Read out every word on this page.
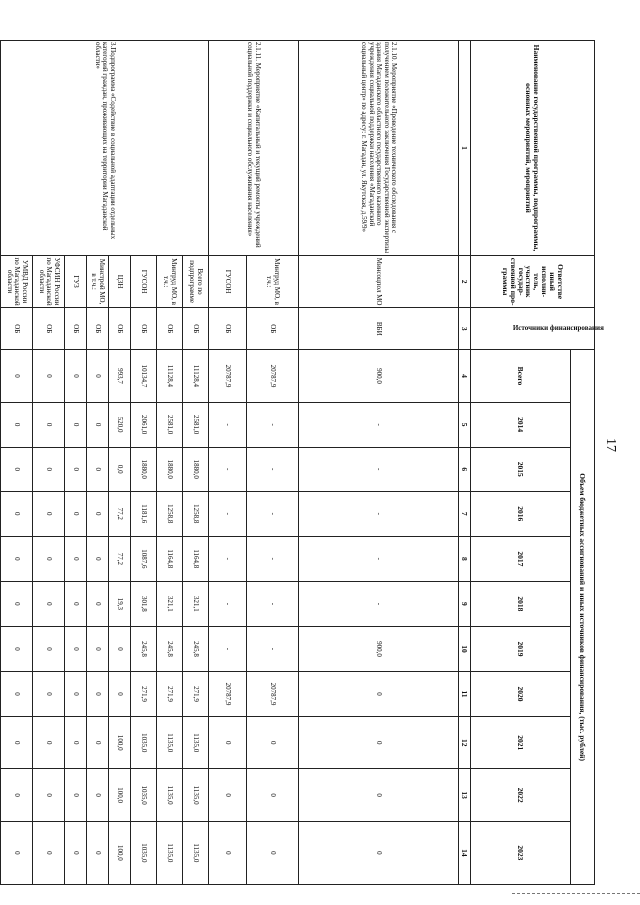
17
Наименование государственной программы, подпрограммы, основных мероприятий, мероприятий	Ответстве нный исполни- тель, участник государ- ственной про- граммы	Источники финансирования	Объем бюджетных ассигнований и иных источников финансирования, (тыс. рублей)										
			Всего	2014	2015	2016	2017	2018	2019	2020	2021	2022	2023
1	2	3	4	5	6	7	8	9	10	11	12	13	14
2.1.10. Мероприятие «Проведение технического обследования с получением положительного заключения Государственной экспертизы здания Магаданского областного государственного казенного учреждения социальной поддержки населения «Магаданский социальный центр» по адресу: г. Магадан, ул. Якутская, д.59/9»	Минсоцпол МО	ВБИ	900,0	-	-	-	-	-	900,0	0	0	0	0
2.1.11. Мероприятие «Капитальный и текущий ремонты учреждений социальной поддержки и социального обслуживания населения»	Минтруд МО, в т.ч.:	ОБ	20787,9	-	-	-	-	-	-	20787,9	0	0	0
	ГУСОН	ОБ	20787,9	-	-	-	-	-	-	20787,9	0	0	0
3.Подпрограмма «Содействие в социальной адаптации отдельных категорий граждан, проживающих на территории Магаданской области»	Всего по подпрограмме	ОБ	11128,4	2581,0	1880,0	1258,8	1164,8	321,1	245,8	271,9	1135,0	1135,0	1135,0
	Минтруд МО, в т.ч.:	ОБ	11128,4	2581,0	1880,0	1258,8	1164,8	321,1	245,8	271,9	1135,0	1135,0	1135,0
	ГУСОН	ОБ	10134,7	2061,0	1880,0	1181,6	1087,6	301,8	245,8	271,9	1035,0	1035,0	1035,0
	ЦЗН	ОБ	993,7	520,0	0,0	77,2	77,2	19,3	0	0	100,0	100,0	100,0
	Минстрой МО, в т.ч.:	ОБ	0	0	0	0	0	0	0	0	0	0	0
	ГУЗ	ОБ	0	0	0	0	0	0	0	0	0	0	0
	УФСИН России по Магаданской области	ОБ	0	0	0	0	0	0	0	0	0	0	0
	УМВД России по Магаданской области	ОБ	0	0	0	0	0	0	0	0	0	0	0
